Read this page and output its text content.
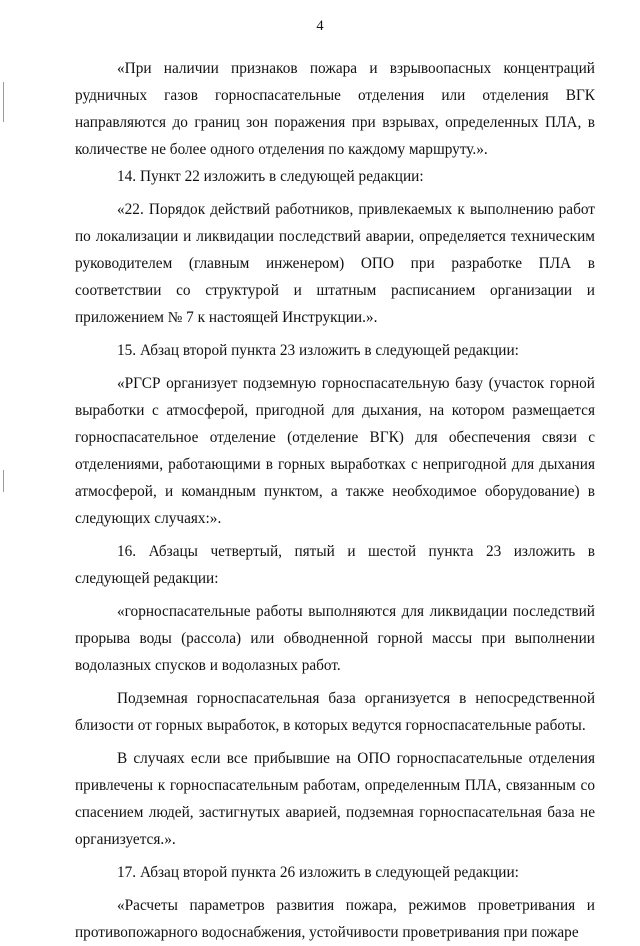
4

«При наличии признаков пожара и взрывоопасных концентраций рудничных газов горноспасательные отделения или отделения ВГК направляются до границ зон поражения при взрывах, определенных ПЛА, в количестве не более одного отделения по каждому маршруту.».

14. Пункт 22 изложить в следующей редакции:

«22. Порядок действий работников, привлекаемых к выполнению работ по локализации и ликвидации последствий аварии, определяется техническим руководителем (главным инженером) ОПО при разработке ПЛА в соответствии со структурой и штатным расписанием организации и приложением № 7 к настоящей Инструкции.».

15. Абзац второй пункта 23 изложить в следующей редакции:

«РГСР организует подземную горноспасательную базу (участок горной выработки с атмосферой, пригодной для дыхания, на котором размещается горноспасательное отделение (отделение ВГК) для обеспечения связи с отделениями, работающими в горных выработках с непригодной для дыхания атмосферой, и командным пунктом, а также необходимое оборудование) в следующих случаях:».

16. Абзацы четвертый, пятый и шестой пункта 23 изложить в следующей редакции:

«горноспасательные работы выполняются для ликвидации последствий прорыва воды (рассола) или обводненной горной массы при выполнении водолазных спусков и водолазных работ.

Подземная горноспасательная база организуется в непосредственной близости от горных выработок, в которых ведутся горноспасательные работы.

В случаях если все прибывшие на ОПО горноспасательные отделения привлечены к горноспасательным работам, определенным ПЛА, связанным со спасением людей, застигнутых аварией, подземная горноспасательная база не организуется.».

17. Абзац второй пункта 26 изложить в следующей редакции:

«Расчеты параметров развития пожара, режимов проветривания и противопожарного водоснабжения, устойчивости проветривания при пожаре
